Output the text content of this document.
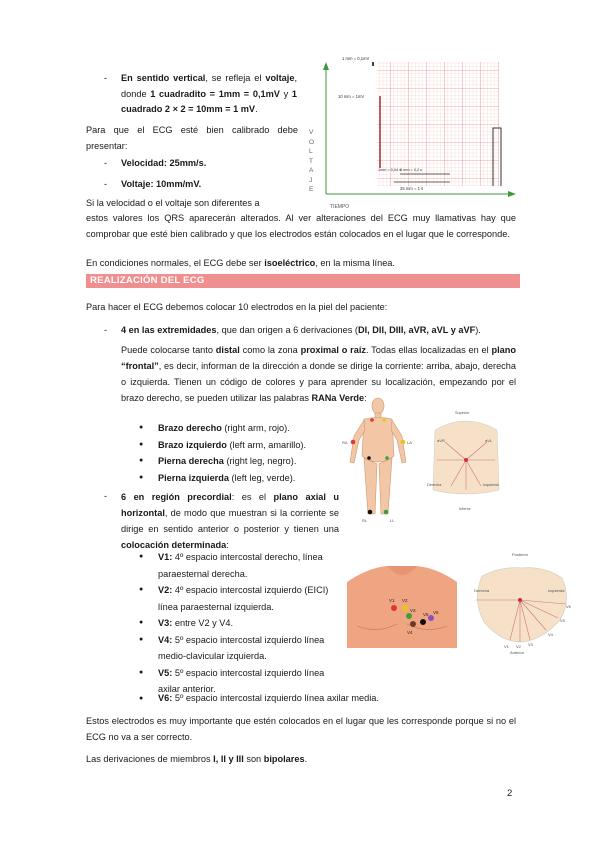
-	En sentido vertical, se refleja el voltaje, donde 1 cuadradito = 1mm = 0,1mV y 1 cuadrado 2 × 2 = 10mm = 1 mV.
Para que el ECG esté bien calibrado debe presentar:
-	Velocidad: 25mm/s.
-	Voltaje: 10mm/mV.
Si la velocidad o el voltaje son diferentes a
estos valores los QRS aparecerán alterados. Al ver alteraciones del ECG muy llamativas hay que comprobar que esté bien calibrado y que los electrodos están colocados en el lugar que le corresponde.
En condiciones normales, el ECG debe ser isoeléctrico, en la misma línea.
1 mm = 0,1mV
10 mm = 1mV
1mm = 0,04 s
5 mm = 0,2 s
25 mm = 1 s
TIEMPO
VOLTAJE
REALIZACIÓN DEL ECG
Para hacer el ECG debemos colocar 10 electrodos en la piel del paciente:
-	4 en las extremidades, que dan origen a 6 derivaciones (DI, DII, DIII, aVR, aVL y aVF).
Puede colocarse tanto distal como la zona proximal o raíz. Todas ellas localizadas en el plano “frontal”, es decir, informan de la dirección a donde se dirige la corriente: arriba, abajo, derecha o izquierda. Tienen un código de colores y para aprender su localización, empezando por el brazo derecho, se pueden utilizar las palabras RANa Verde:
● Brazo derecho (right arm, rojo).
● Brazo izquierdo (left arm, amarillo).
● Pierna derecha (right leg, negro).
● Pierna izquierda (left leg, verde).
-	6 en región precordial: es el plano axial u horizontal, de modo que muestran si la corriente se dirige en sentido anterior o posterior y tienen una colocación determinada:
● V1: 4º espacio intercostal derecho, línea paraesternal derecha.
● V2: 4º espacio intercostal izquierdo (EICI) línea paraesternal izquierda.
● V3: entre V2 y V4.
● V4: 5º espacio intercostal izquierdo línea medio-clavicular izquierda.
● V5: 5º espacio intercostal izquierdo línea axilar anterior.
● V6: 5º espacio intercostal izquierdo línea axilar media.
Estos electrodos es muy importante que estén colocados en el lugar que les corresponde porque si no el ECG no va a ser correcto.
Las derivaciones de miembros I, II y III son bipolares.
RA	LA
RL	LL
Superior
Derecha	Izquierda
Inferior
aVR	aVL
V1 V2
V3
V4
V5 V6
Posterior
Derecha	Izquierda
Anterior
V1 V2 V3
V4
V5
V6
2
